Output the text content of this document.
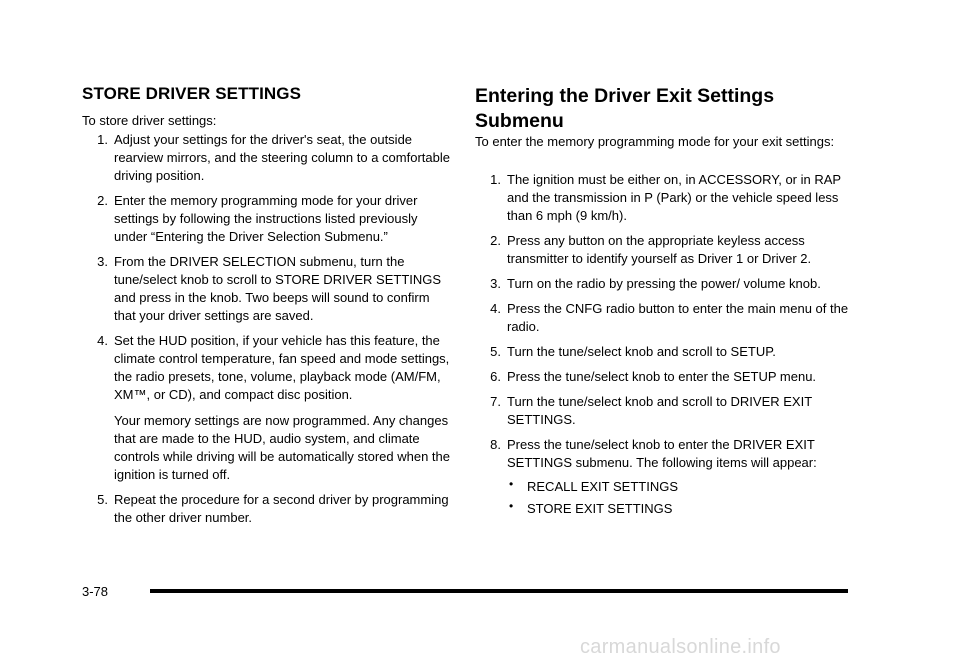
STORE DRIVER SETTINGS

To store driver settings:

1. Adjust your settings for the driver's seat, the outside rearview mirrors, and the steering column to a comfortable driving position.
2. Enter the memory programming mode for your driver settings by following the instructions listed previously under “Entering the Driver Selection Submenu.”
3. From the DRIVER SELECTION submenu, turn the tune/select knob to scroll to STORE DRIVER SETTINGS and press in the knob. Two beeps will sound to confirm that your driver settings are saved.
4. Set the HUD position, if your vehicle has this feature, the climate control temperature, fan speed and mode settings, the radio presets, tone, volume, playback mode (AM/FM, XM™, or CD), and compact disc position.
Your memory settings are now programmed. Any changes that are made to the HUD, audio system, and climate controls while driving will be automatically stored when the ignition is turned off.
5. Repeat the procedure for a second driver by programming the other driver number.
Entering the Driver Exit Settings Submenu

To enter the memory programming mode for your exit settings:

1. The ignition must be either on, in ACCESSORY, or in RAP and the transmission in P (Park) or the vehicle speed less than 6 mph (9 km/h).
2. Press any button on the appropriate keyless access transmitter to identify yourself as Driver 1 or Driver 2.
3. Turn on the radio by pressing the power/ volume knob.
4. Press the CNFG radio button to enter the main menu of the radio.
5. Turn the tune/select knob and scroll to SETUP.
6. Press the tune/select knob to enter the SETUP menu.
7. Turn the tune/select knob and scroll to DRIVER EXIT SETTINGS.
8. Press the tune/select knob to enter the DRIVER EXIT SETTINGS submenu. The following items will appear:
• RECALL EXIT SETTINGS
• STORE EXIT SETTINGS
3-78
carmanualsonline.info
